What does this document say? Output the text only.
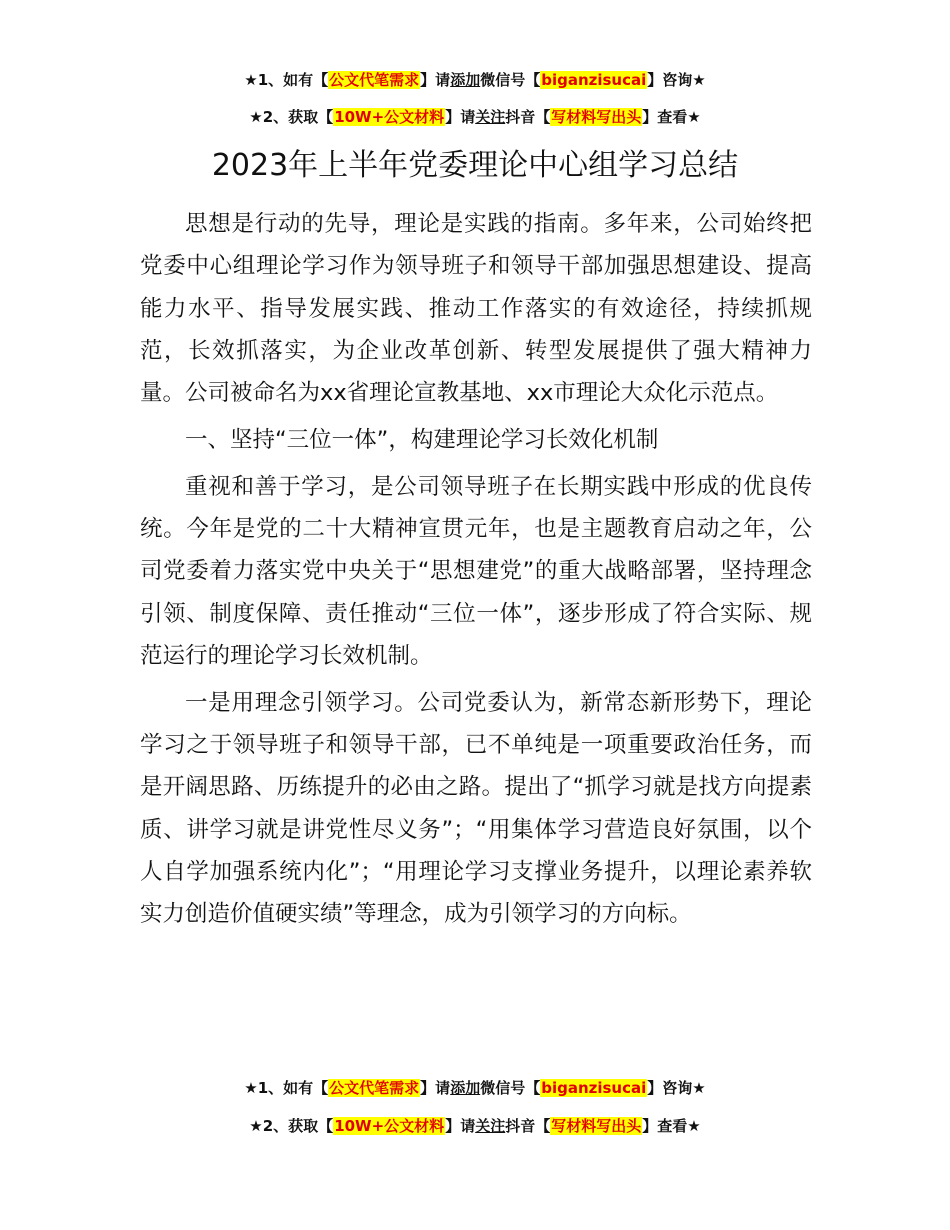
★1、如有【公文代笔需求】请添加微信号【biganzisucai】咨询★
★2、获取【10W+公文材料】请关注抖音【写材料写出头】查看★
2023年上半年党委理论中心组学习总结

思想是行动的先导，理论是实践的指南。多年来，公司始终把党委中心组理论学习作为领导班子和领导干部加强思想建设、提高能力水平、指导发展实践、推动工作落实的有效途径，持续抓规范，长效抓落实，为企业改革创新、转型发展提供了强大精神力量。公司被命名为xx省理论宣教基地、xx市理论大众化示范点。

一、坚持“三位一体”，构建理论学习长效化机制

重视和善于学习，是公司领导班子在长期实践中形成的优良传统。今年是党的二十大精神宣贯元年，也是主题教育启动之年，公司党委着力落实党中央关于“思想建党”的重大战略部署，坚持理念引领、制度保障、责任推动“三位一体”，逐步形成了符合实际、规范运行的理论学习长效机制。

一是用理念引领学习。公司党委认为，新常态新形势下，理论学习之于领导班子和领导干部，已不单纯是一项重要政治任务，而是开阔思路、历练提升的必由之路。提出了“抓学习就是找方向提素质、讲学习就是讲党性尽义务”；“用集体学习营造良好氛围，以个人自学加强系统内化”；“用理论学习支撑业务提升，以理论素养软实力创造价值硬实绩”等理念，成为引领学习的方向标。

★1、如有【公文代笔需求】请添加微信号【biganzisucai】咨询★
★2、获取【10W+公文材料】请关注抖音【写材料写出头】查看★
